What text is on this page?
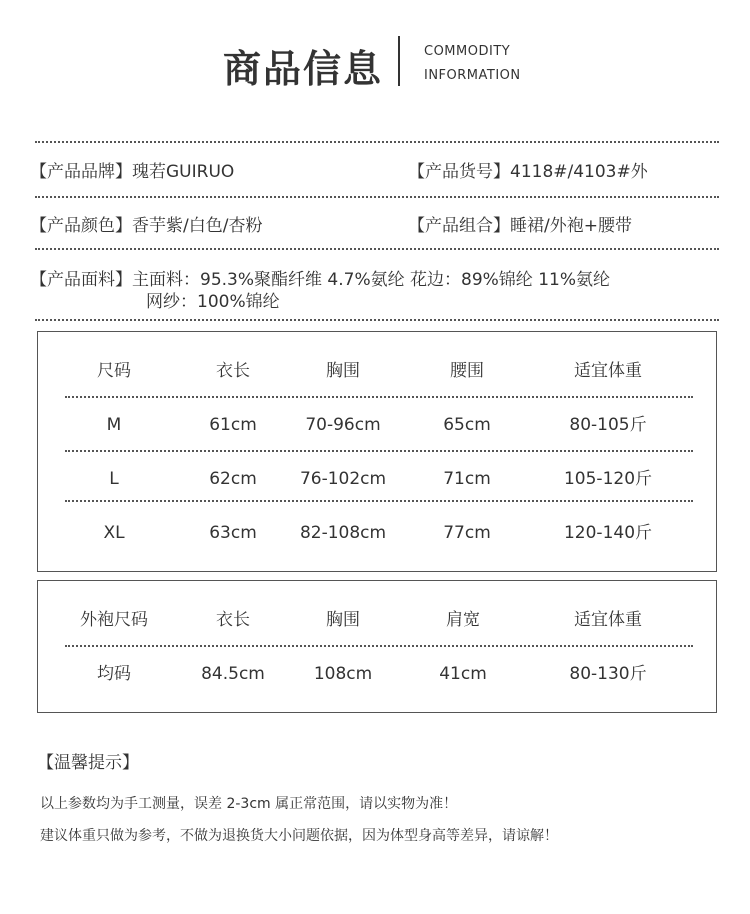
商品信息	COMMODITY
INFORMATION
【产品品牌】瑰若GUIRUO	【产品货号】4118#/4103#外
【产品颜色】香芋紫/白色/杏粉	【产品组合】睡裙/外袍+腰带
【产品面料】主面料：95.3%聚酯纤维 4.7%氨纶 花边：89%锦纶 11%氨纶
网纱：100%锦纶
尺码	衣长	胸围	腰围	适宜体重
M	61cm	70-96cm	65cm	80-105斤
L	62cm	76-102cm	71cm	105-120斤
XL	63cm	82-108cm	77cm	120-140斤
外袍尺码	衣长	胸围	肩宽	适宜体重
均码	84.5cm	108cm	41cm	80-130斤
【温馨提示】
以上参数均为手工测量，误差 2-3cm 属正常范围，请以实物为准！
建议体重只做为参考，不做为退换货大小问题依据，因为体型身高等差异，请谅解！
